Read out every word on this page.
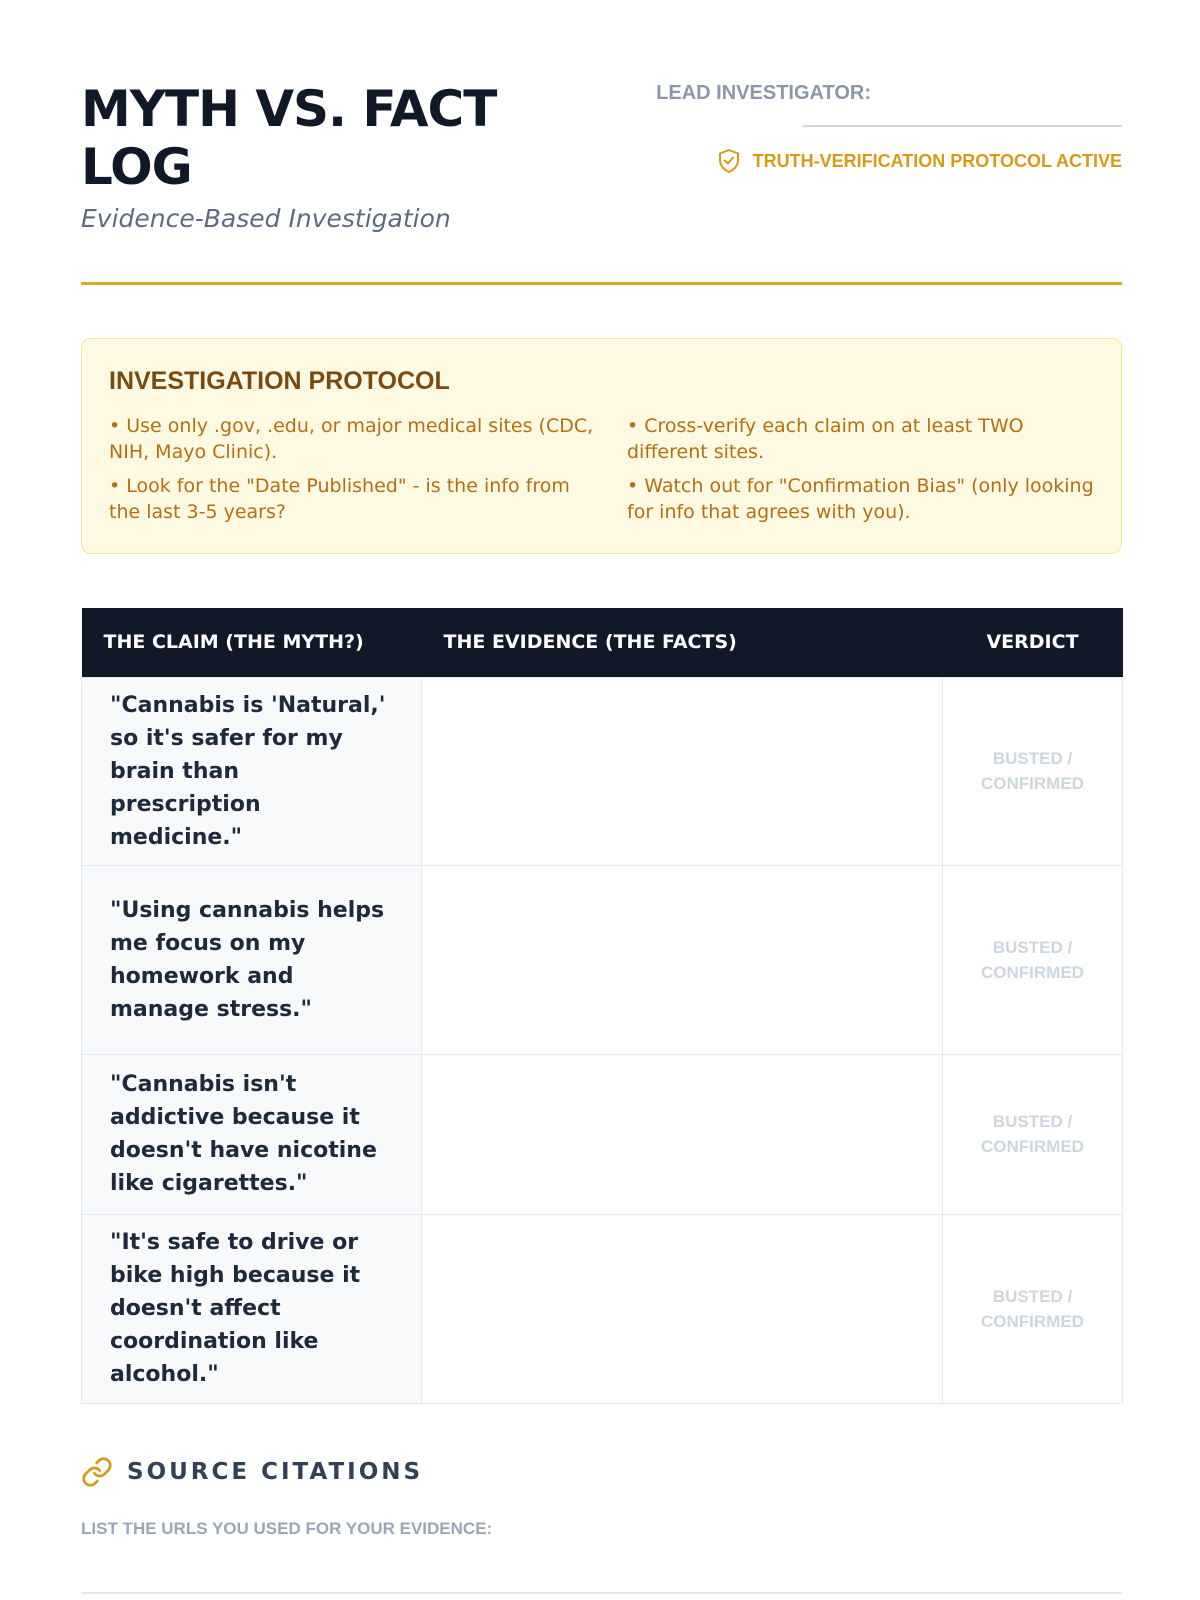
MYTH VS. FACT LOG
Evidence-Based Investigation
LEAD INVESTIGATOR:
TRUTH-VERIFICATION PROTOCOL ACTIVE
INVESTIGATION PROTOCOL
• Use only .gov, .edu, or major medical sites (CDC, NIH, Mayo Clinic).
• Cross-verify each claim on at least TWO different sites.
• Look for the "Date Published" - is the info from the last 3-5 years?
• Watch out for "Confirmation Bias" (only looking for info that agrees with you).
THE CLAIM (THE MYTH?)	THE EVIDENCE (THE FACTS)	VERDICT
"Cannabis is 'Natural,' so it's safer for my brain than prescription medicine."		BUSTED / CONFIRMED
"Using cannabis helps me focus on my homework and manage stress."		BUSTED / CONFIRMED
"Cannabis isn't addictive because it doesn't have nicotine like cigarettes."		BUSTED / CONFIRMED
"It's safe to drive or bike high because it doesn't affect coordination like alcohol."		BUSTED / CONFIRMED
SOURCE CITATIONS
LIST THE URLS YOU USED FOR YOUR EVIDENCE:
